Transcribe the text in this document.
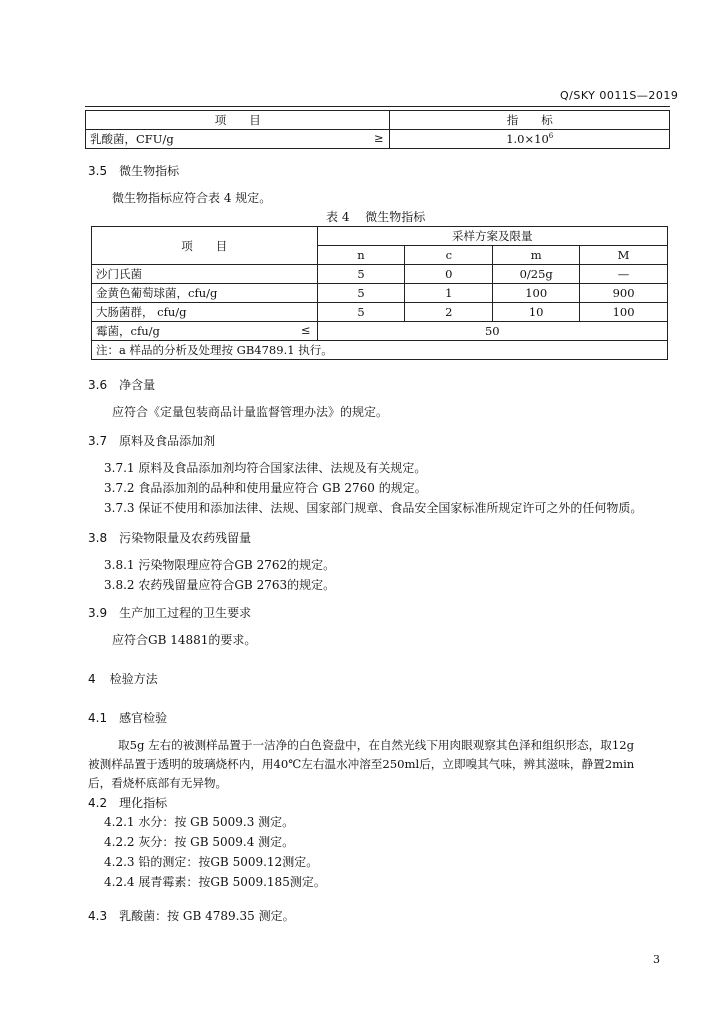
Q/SKY 0011S—2019
项　　目	指　　标
乳酸菌，CFU/g ≥	$1.0\times 10^6$
3.5 微生物指标
微生物指标应符合表 4 规定。
表 4　 微生物指标
项　　目	采样方案及限量			
	n	c	m	M
沙门氏菌	5	0	0/25g	—
金黄色葡萄球菌，cfu/g	5	1	100	900
大肠菌群， cfu/g	5	2	10	100
霉菌，cfu/g ≤	50			
注：a 样品的分析及处理按 GB4789.1 执行。				
3.6 净含量
应符合《定量包装商品计量监督管理办法》的规定。
3.7 原料及食品添加剂
3.7.1 原料及食品添加剂均符合国家法律、法规及有关规定。
3.7.2 食品添加剂的品种和使用量应符合 GB 2760 的规定。
3.7.3 保证不使用和添加法律、法规、国家部门规章、食品安全国家标准所规定许可之外的任何物质。
3.8 污染物限量及农药残留量
3.8.1 污染物限理应符合GB 2762的规定。
3.8.2 农药残留量应符合GB 2763的规定。
3.9 生产加工过程的卫生要求
应符合GB 14881的要求。
4 检验方法
4.1 感官检验
取5g 左右的被测样品置于一洁净的白色瓷盘中，在自然光线下用肉眼观察其色泽和组织形态，取12g
被测样品置于透明的玻璃烧杯内，用40℃左右温水冲溶至250ml后，立即嗅其气味，辨其滋味，静置2min
后，看烧杯底部有无异物。
4.2 理化指标
4.2.1 水分：按 GB 5009.3 测定。
4.2.2 灰分：按 GB 5009.4 测定。
4.2.3 铅的测定：按GB 5009.12测定。
4.2.4 展青霉素：按GB 5009.185测定。
4.3 乳酸菌：按 GB 4789.35 测定。
3
